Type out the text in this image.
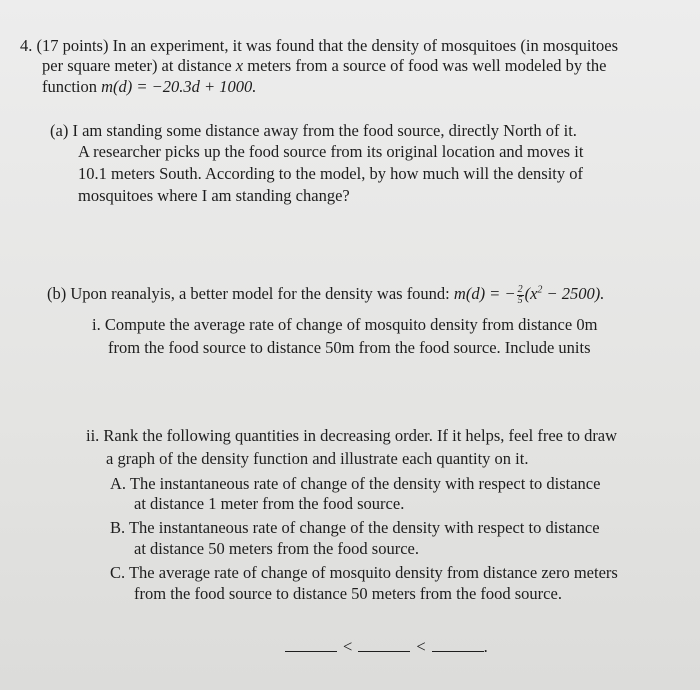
4. (17 points) In an experiment, it was found that the density of mosquitoes (in mosquitoes
per square meter) at distance x meters from a source of food was well modeled by the
function m(d) = −20.3d + 1000.
(a) I am standing some distance away from the food source, directly North of it.
A researcher picks up the food source from its original location and moves it
10.1 meters South. According to the model, by how much will the density of
mosquitoes where I am standing change?
(b) Upon reanalyis, a better model for the density was found: m(d) = − $\frac{2}{5} (x^2 - 2500)$.
i. Compute the average rate of change of mosquito density from distance 0m
from the food source to distance 50m from the food source. Include units
ii. Rank the following quantities in decreasing order. If it helps, feel free to draw
a graph of the density function and illustrate each quantity on it.
A. The instantaneous rate of change of the density with respect to distance
at distance 1 meter from the food source.
B. The instantaneous rate of change of the density with respect to distance
at distance 50 meters from the food source.
C. The average rate of change of mosquito density from distance zero meters
from the food source to distance 50 meters from the food source.
<	<	.
